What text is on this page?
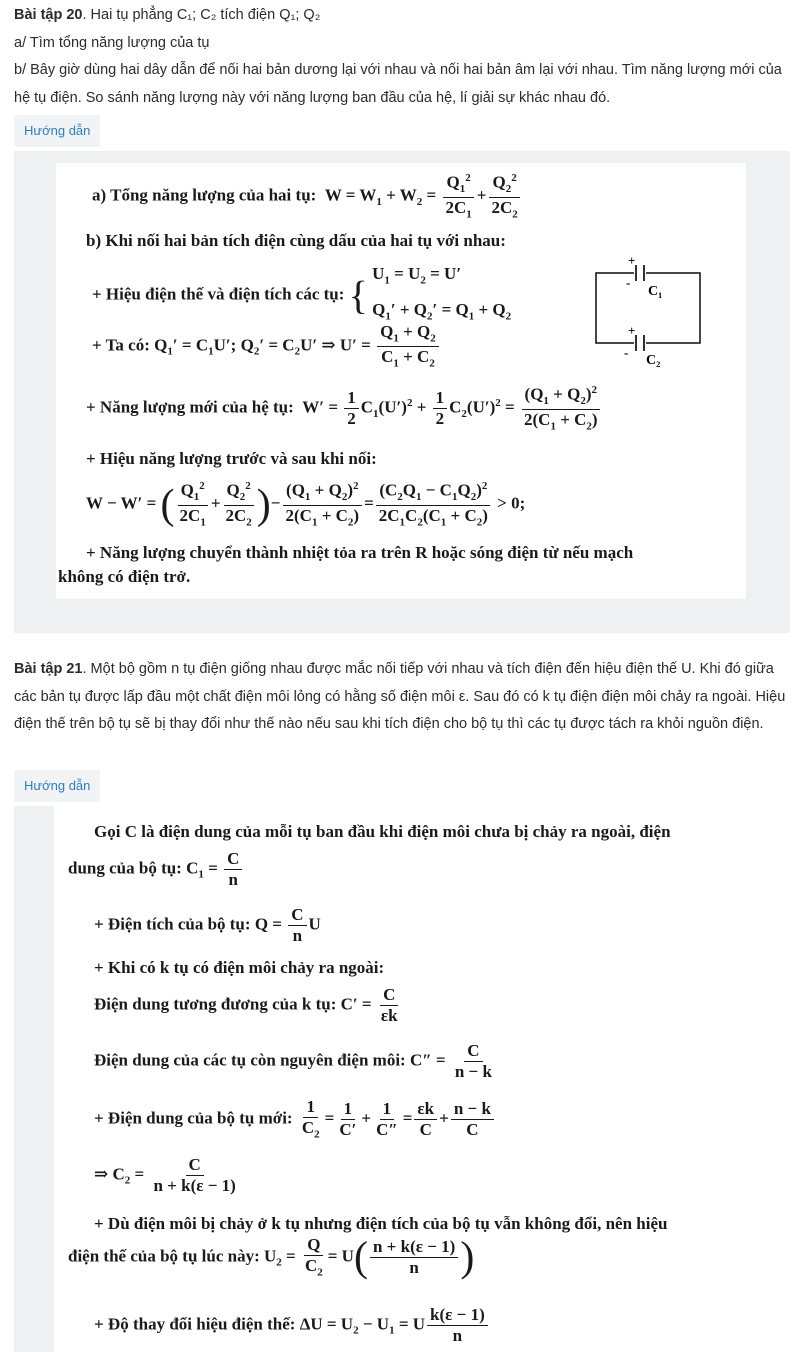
Bài tập 20. Hai tụ phẳng C₁; C₂ tích điện Q₁; Q₂
a/ Tìm tổng năng lượng của tụ
b/ Bây giờ dùng hai dây dẫn để nối hai bản dương lại với nhau và nối hai bản âm lại với nhau. Tìm năng lượng mới của hệ tụ điện. So sánh năng lượng này với năng lượng ban đầu của hệ, lí giải sự khác nhau đó.
Hướng dẫn
a) Tổng năng lượng của hai tụ:  $W = W_1 + W_2 = \frac{Q_1^2}{2C_1} + \frac{Q_2^2}{2C_2}$
b) Khi nối hai bản tích điện cùng dấu của hai tụ với nhau:
+ Hiệu điện thế và điện tích các tụ: { $U_1 = U_2 = U'$
$Q_1' + Q_2' = Q_1 + Q_2$
+ Ta có: $Q_1' = C_1U'$; $Q_2' = C_2U'$ ⇒ $U' = \frac{Q_1 + Q_2}{C_1 + C_2}$
+ Năng lượng mới của hệ tụ:  $W' = \frac{1}{2} C_1(U')^2 + \frac{1}{2} C_2(U')^2 = \frac{(Q_1 + Q_2)^2}{2(C_1 + C_2)}$
+ Hiệu năng lượng trước và sau khi nối:
W − W′ = ( $\frac{Q_1^2}{2C_1} + \frac{Q_2^2}{2C_2}$ )− $\frac{(Q_1 + Q_2)^2}{2(C_1 + C_2)} = \frac{(C_2Q_1 - C_1Q_2)^2}{2C_1C_2(C_1 + C_2)} > 0$;
+ Năng lượng chuyển thành nhiệt tỏa ra trên R hoặc sóng điện từ nếu mạch
không có điện trở.
+
-
C₁
+
-
C₂
Bài tập 21. Một bộ gồm n tụ điện giống nhau được mắc nối tiếp với nhau và tích điện đến hiệu điện thế U. Khi đó giữa các bản tụ được lấp đầu một chất điện môi lỏng có hằng số điện môi ε. Sau đó có k tụ điện điện môi chảy ra ngoài. Hiệu điện thế trên bộ tụ sẽ bị thay đổi như thế nào nếu sau khi tích điện cho bộ tụ thì các tụ được tách ra khỏi nguồn điện.
Hướng dẫn
Gọi C là điện dung của mỗi tụ ban đầu khi điện môi chưa bị chảy ra ngoài, điện
dung của bộ tụ: $C_1 = \frac{C}{n}$
+ Điện tích của bộ tụ: $Q = \frac{C}{n}$ U
+ Khi có k tụ có điện môi chảy ra ngoài:
Điện dung tương đương của k tụ: $C' = \frac{C}{\varepsilon k}$
Điện dung của các tụ còn nguyên điện môi: $C'' = \frac{C}{n - k}$
+ Điện dung của bộ tụ mới: $\frac{1}{C_2} = \frac{1}{C'} + \frac{1}{C''} = \frac{\varepsilon k}{C} + \frac{n - k}{C}$
⇒ $C_2 = \frac{C}{n + k(\varepsilon - 1)}$
+ Dù điện môi bị chảy ở k tụ nhưng điện tích của bộ tụ vẫn không đổi, nên hiệu
điện thế của bộ tụ lúc này: $U_2 = \frac{Q}{C_2} = U( \frac{n + k(\varepsilon - 1)}{n}$ )
+ Độ thay đổi hiệu điện thế: $\Delta U = U_2 - U_1 = U \frac{k(\varepsilon - 1)}{n}$
